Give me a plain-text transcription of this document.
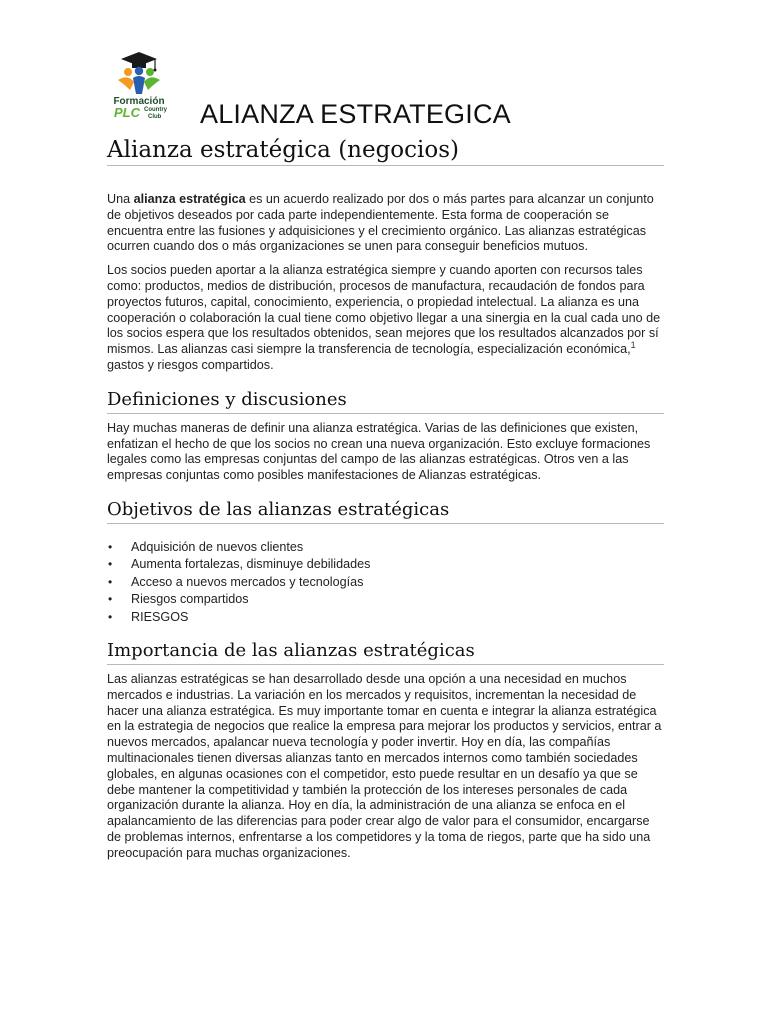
Formación
PLC Country
Club ALIANZA ESTRATEGICA
Alianza estratégica (negocios)

Una alianza estratégica es un acuerdo realizado por dos o más partes para alcanzar un conjunto de objetivos deseados por cada parte independientemente. Esta forma de cooperación se encuentra entre las fusiones y adquisiciones y el crecimiento orgánico. Las alianzas estratégicas ocurren cuando dos o más organizaciones se unen para conseguir beneficios mutuos.

Los socios pueden aportar a la alianza estratégica siempre y cuando aporten con recursos tales como: productos, medios de distribución, procesos de manufactura, recaudación de fondos para proyectos futuros, capital, conocimiento, experiencia, o propiedad intelectual. La alianza es una cooperación o colaboración la cual tiene como objetivo llegar a una sinergia en la cual cada uno de los socios espera que los resultados obtenidos, sean mejores que los resultados alcanzados por sí mismos. Las alianzas casi siempre la transferencia de tecnología, especialización económica,$^1$ gastos y riesgos compartidos.

Definiciones y discusiones

Hay muchas maneras de definir una alianza estratégica. Varias de las definiciones que existen, enfatizan el hecho de que los socios no crean una nueva organización. Esto excluye formaciones legales como las empresas conjuntas del campo de las alianzas estratégicas. Otros ven a las empresas conjuntas como posibles manifestaciones de Alianzas estratégicas.

Objetivos de las alianzas estratégicas
• Adquisición de nuevos clientes
• Aumenta fortalezas, disminuye debilidades
• Acceso a nuevos mercados y tecnologías
• Riesgos compartidos
• RIESGOS
Importancia de las alianzas estratégicas

Las alianzas estratégicas se han desarrollado desde una opción a una necesidad en muchos mercados e industrias. La variación en los mercados y requisitos, incrementan la necesidad de hacer una alianza estratégica. Es muy importante tomar en cuenta e integrar la alianza estratégica en la estrategia de negocios que realice la empresa para mejorar los productos y servicios, entrar a nuevos mercados, apalancar nueva tecnología y poder invertir. Hoy en día, las compañías multinacionales tienen diversas alianzas tanto en mercados internos como también sociedades globales, en algunas ocasiones con el competidor, esto puede resultar en un desafío ya que se debe mantener la competitividad y también la protección de los intereses personales de cada organización durante la alianza. Hoy en día, la administración de una alianza se enfoca en el apalancamiento de las diferencias para poder crear algo de valor para el consumidor, encargarse de problemas internos, enfrentarse a los competidores y la toma de riegos, parte que ha sido una preocupación para muchas organizaciones.
